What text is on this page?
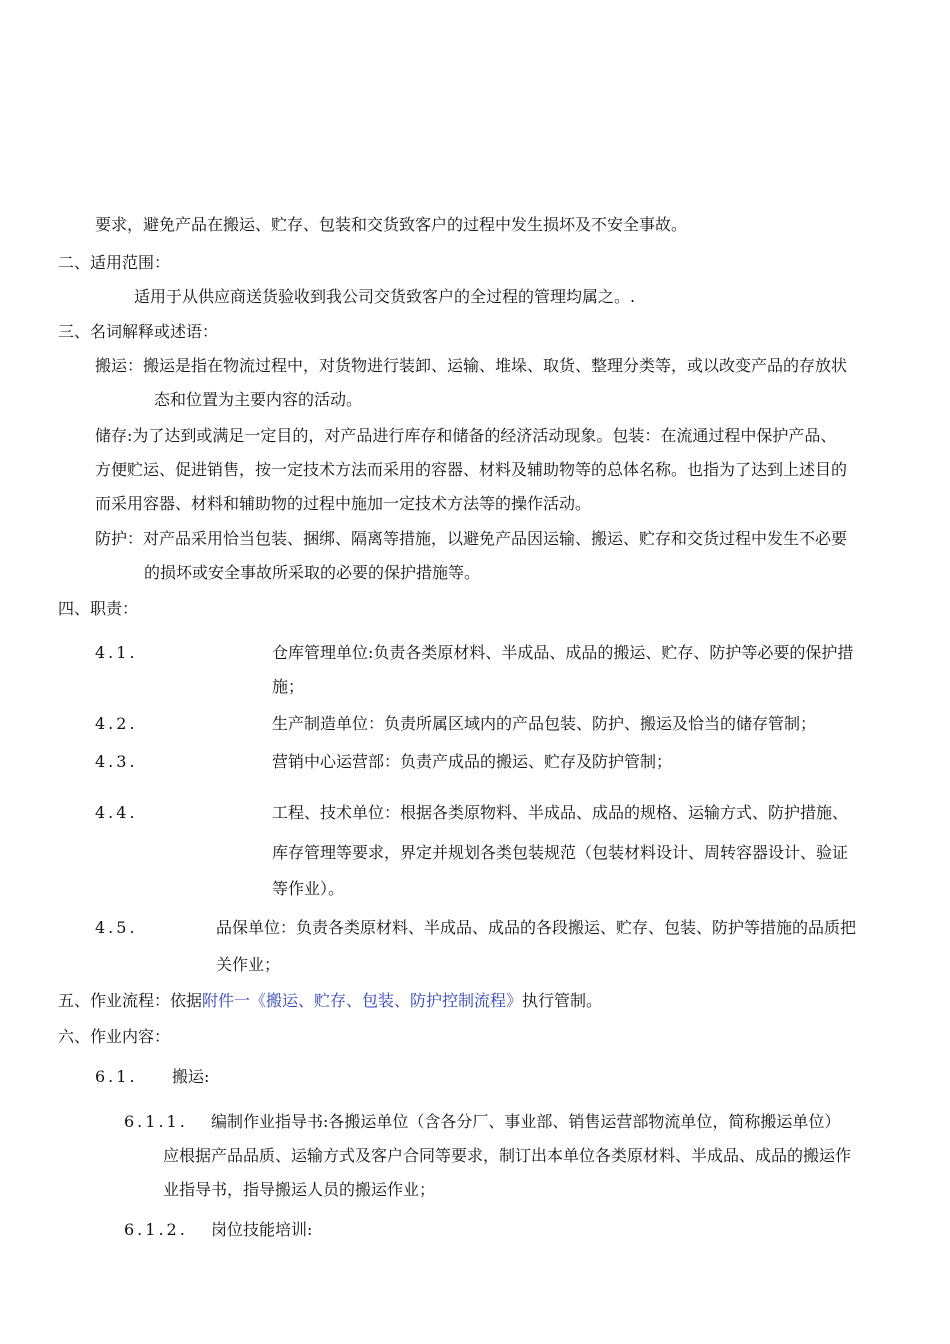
要求，避免产品在搬运、贮存、包装和交货致客户的过程中发生损坏及不安全事故。
二、适用范围：
适用于从供应商送货验收到我公司交货致客户的全过程的管理均属之。.
三、名词解释或述语：
搬运：搬运是指在物流过程中，对货物进行装卸、运输、堆垛、取货、整理分类等，或以改变产品的存放状
态和位置为主要内容的活动。
储存:为了达到或满足一定目的，对产品进行库存和储备的经济活动现象。包装：在流通过程中保护产品、
方便贮运、促进销售，按一定技术方法而采用的容器、材料及辅助物等的总体名称。也指为了达到上述目的
而采用容器、材料和辅助物的过程中施加一定技术方法等的操作活动。
防护：对产品采用恰当包装、捆绑、隔离等措施，以避免产品因运输、搬运、贮存和交货过程中发生不必要
的损坏或安全事故所采取的必要的保护措施等。
四、职责：
4.1.	仓库管理单位:负责各类原材料、半成品、成品的搬运、贮存、防护等必要的保护措
施；
4.2.	生产制造单位：负责所属区域内的产品包装、防护、搬运及恰当的储存管制；
4.3.	营销中心运营部：负责产成品的搬运、贮存及防护管制；
4.4.	工程、技术单位：根据各类原物料、半成品、成品的规格、运输方式、防护措施、
库存管理等要求，界定并规划各类包装规范（包装材料设计、周转容器设计、验证
等作业）。
4.5.	品保单位：负责各类原材料、半成品、成品的各段搬运、贮存、包装、防护等措施的品质把
关作业；
五、作业流程：依据附件一《搬运、贮存、包装、防护控制流程》执行管制。
六、作业内容：
6.1. 搬运:
6.1.1. 编制作业指导书:各搬运单位（含各分厂、事业部、销售运营部物流单位，简称搬运单位）
应根据产品品质、运输方式及客户合同等要求，制订出本单位各类原材料、半成品、成品的搬运作
业指导书，指导搬运人员的搬运作业；
6.1.2. 岗位技能培训:
